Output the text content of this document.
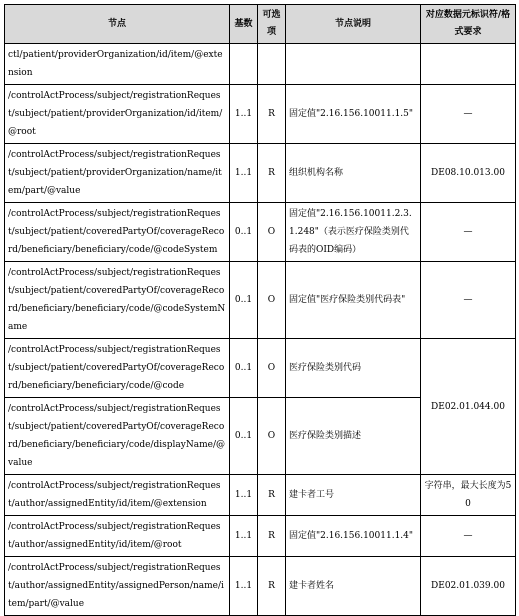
节点	基数	可选项	节点说明	对应数据元标识符/格式要求
ctl/patient/providerOrganization/id/item/@extension				
/controlActProcess/subject/registrationRequest/subject/patient/providerOrganization/id/item/@root	1..1	R	固定值"2.16.156.10011.1.5"	—
/controlActProcess/subject/registrationRequest/subject/patient/providerOrganization/name/item/part/@value	1..1	R	组织机构名称	DE08.10.013.00
/controlActProcess/subject/registrationRequest/subject/patient/coveredPartyOf/coverageRecord/beneficiary/beneficiary/code/@codeSystem	0..1	O	固定值"2.16.156.10011.2.3.1.248"（表示医疗保险类别代码表的OID编码）	—
/controlActProcess/subject/registrationRequest/subject/patient/coveredPartyOf/coverageRecord/beneficiary/beneficiary/code/@codeSystemName	0..1	O	固定值"医疗保险类别代码表"	—
/controlActProcess/subject/registrationRequest/subject/patient/coveredPartyOf/coverageRecord/beneficiary/beneficiary/code/@code	0..1	O	医疗保险类别代码	DE02.01.044.00
/controlActProcess/subject/registrationRequest/subject/patient/coveredPartyOf/coverageRecord/beneficiary/beneficiary/code/displayName/@value	0..1	O	医疗保险类别描述	
/controlActProcess/subject/registrationRequest/author/assignedEntity/id/item/@extension	1..1	R	建卡者工号	字符串，最大长度为50
/controlActProcess/subject/registrationRequest/author/assignedEntity/id/item/@root	1..1	R	固定值"2.16.156.10011.1.4"	—
/controlActProcess/subject/registrationRequest/author/assignedEntity/assignedPerson/name/item/part/@value	1..1	R	建卡者姓名	DE02.01.039.00
